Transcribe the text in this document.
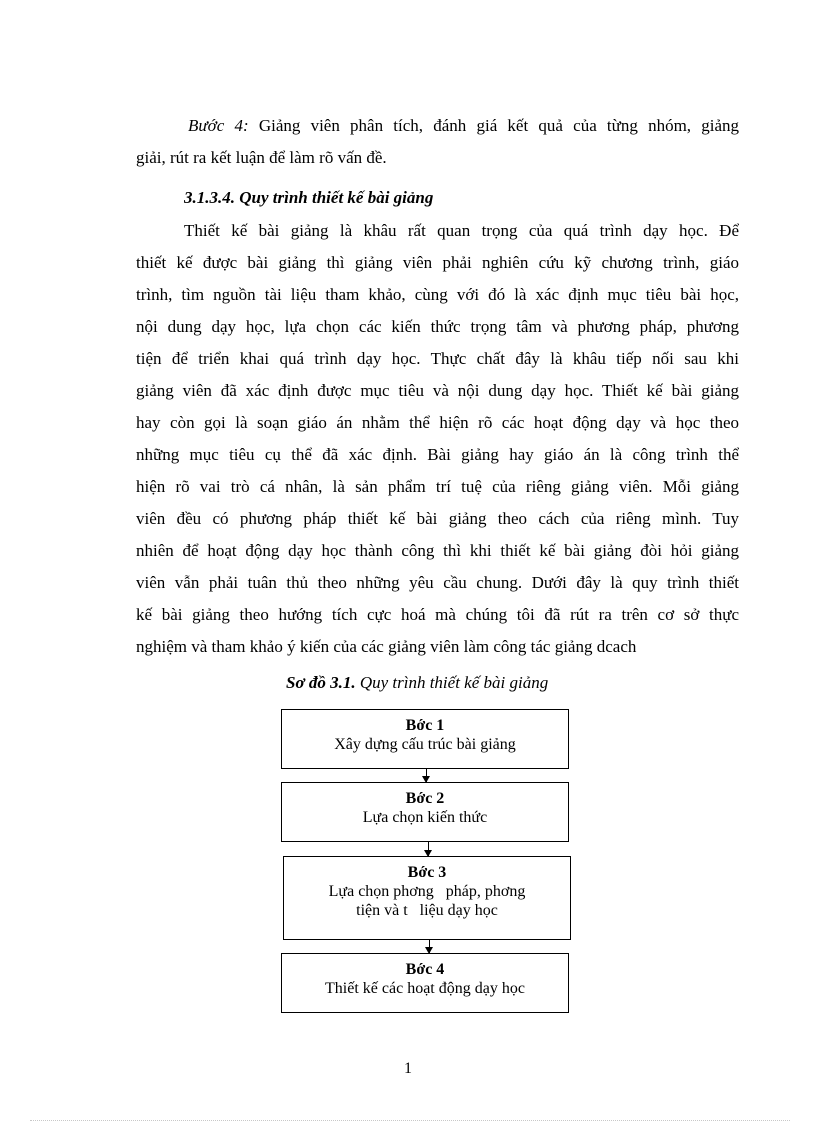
Bước 4: Giảng viên phân tích, đánh giá kết quả của từng nhóm, giảng
giải, rút ra kết luận để làm rõ vấn đề.
3.1.3.4. Quy trình thiết kế bài giảng
Thiết kế bài giảng là khâu rất quan trọng của quá trình dạy học. Để
thiết kế được bài giảng thì giảng viên phải nghiên cứu kỹ chương trình, giáo
trình, tìm nguồn tài liệu tham khảo, cùng với đó là xác định mục tiêu bài học,
nội dung dạy học, lựa chọn các kiến thức trọng tâm và phương pháp, phương
tiện để triển khai quá trình dạy học. Thực chất đây là khâu tiếp nối sau khi
giảng viên đã xác định được mục tiêu và nội dung dạy học. Thiết kế bài giảng
hay còn gọi là soạn giáo án nhằm thể hiện rõ các hoạt động dạy và học theo
những mục tiêu cụ thể đã xác định. Bài giảng hay giáo án là công trình thể
hiện rõ vai trò cá nhân, là sản phẩm trí tuệ của riêng giảng viên. Mỗi giảng
viên đều có phương pháp thiết kế bài giảng theo cách của riêng mình. Tuy
nhiên để hoạt động dạy học thành công thì khi thiết kế bài giảng đòi hỏi giảng
viên vẫn phải tuân thủ theo những yêu cầu chung. Dưới đây là quy trình thiết
kế bài giảng theo hướng tích cực hoá mà chúng tôi đã rút ra trên cơ sở thực
nghiệm và tham khảo ý kiến của các giảng viên làm công tác giảng dcach
Sơ đồ 3.1. Quy trình thiết kế bài giảng
Bớc 1
Xây dựng cấu trúc bài giảng
Bớc 2
Lựa chọn kiến thức
Bớc 3
Lựa chọn phơng   pháp, phơng
tiện và t   liệu dạy học
Bớc 4
Thiết kế các hoạt động dạy học
1
